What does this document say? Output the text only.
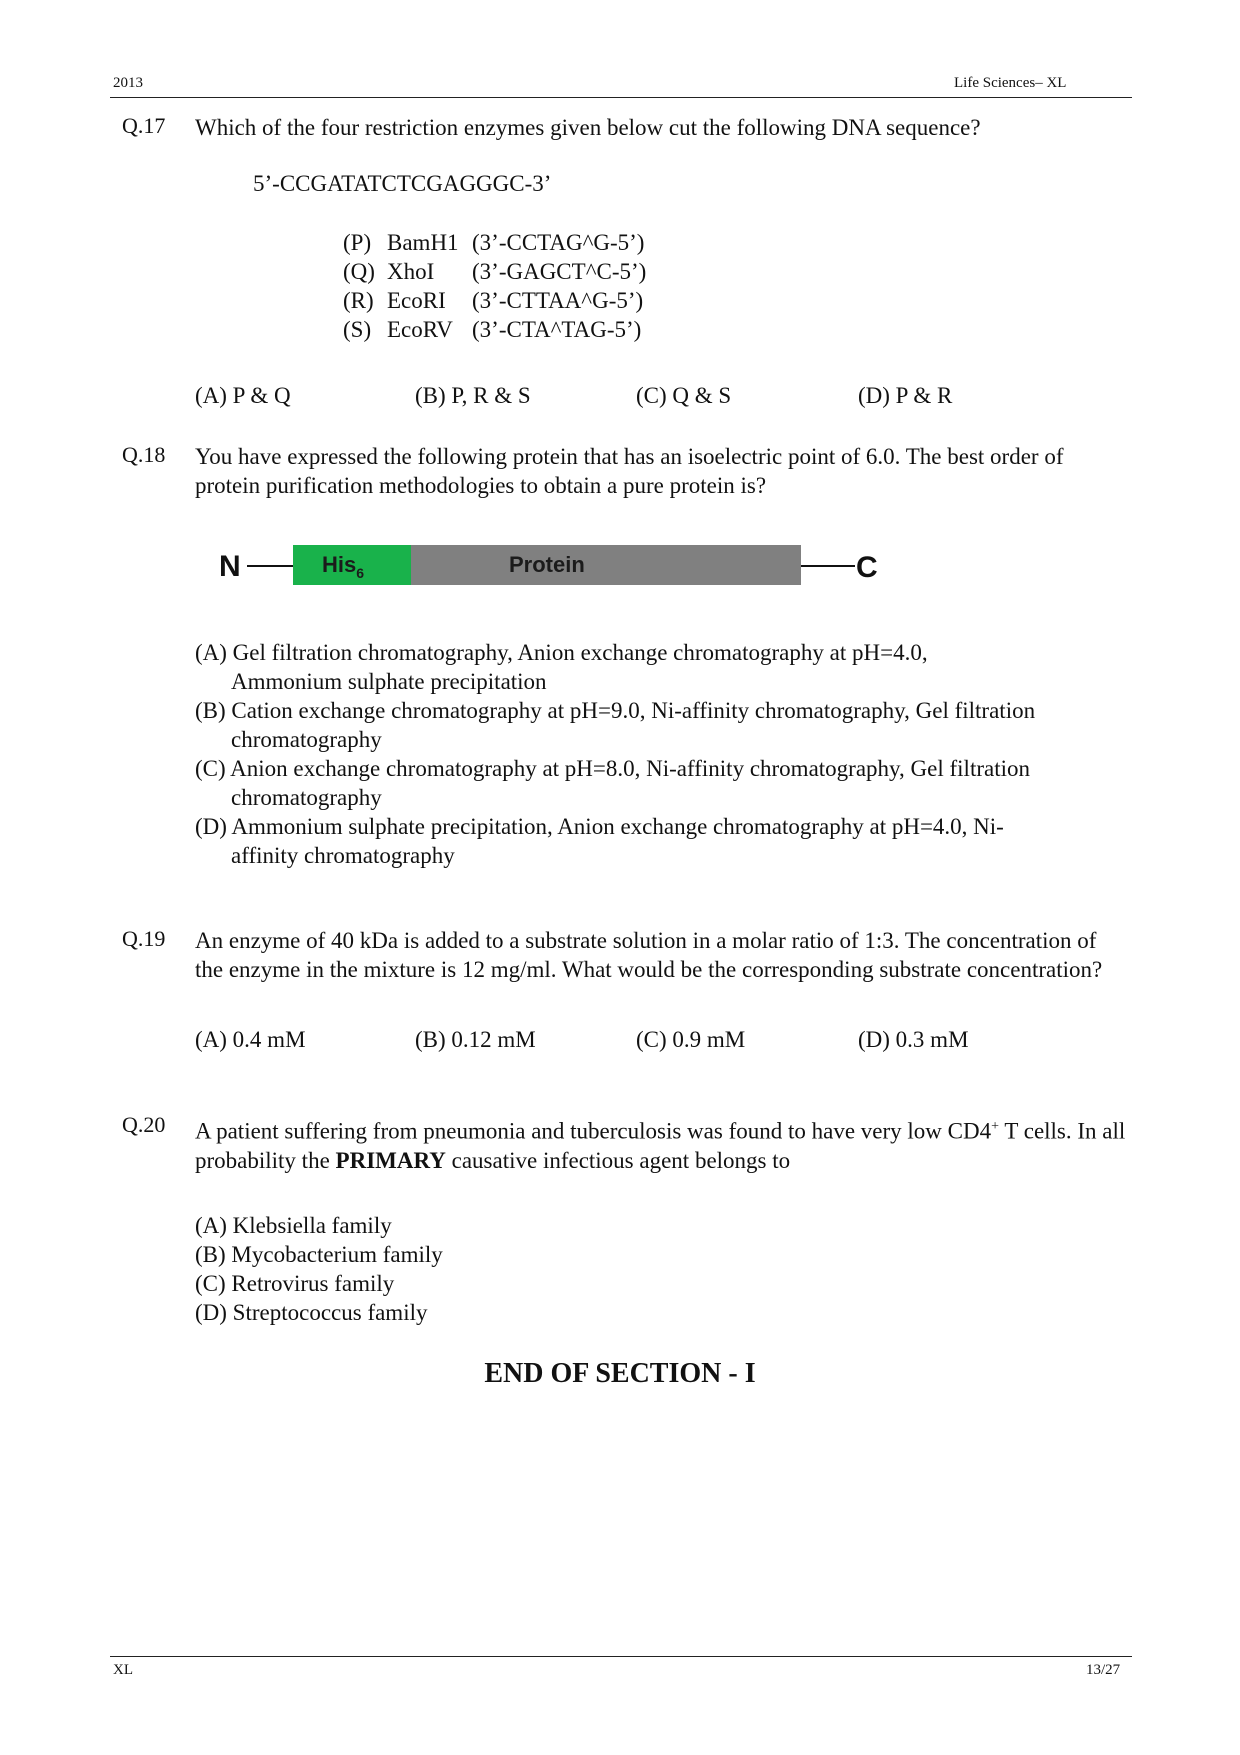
2013	Life Sciences– XL
Q.17 Which of the four restriction enzymes given below cut the following DNA sequence?
5’-CCGATATCTCGAGGGC-3’
(P) BamH1 (3’-CCTAG^G-5’)
(Q) XhoI (3’-GAGCT^C-5’)
(R) EcoRI (3’-CTTAA^G-5’)
(S) EcoRV (3’-CTA^TAG-5’)
(A) P & Q	(B) P, R & S	(C) Q & S	(D) P & R
Q.18 You have expressed the following protein that has an isoelectric point of 6.0. The best order of protein purification methodologies to obtain a pure protein is?
N	His$_6$	Protein	C
(A) Gel filtration chromatography, Anion exchange chromatography at pH=4.0,
Ammonium sulphate precipitation
(B) Cation exchange chromatography at pH=9.0, Ni-affinity chromatography, Gel filtration
chromatography
(C) Anion exchange chromatography at pH=8.0, Ni-affinity chromatography, Gel filtration
chromatography
(D) Ammonium sulphate precipitation, Anion exchange chromatography at pH=4.0, Ni-
affinity chromatography
Q.19 An enzyme of 40 kDa is added to a substrate solution in a molar ratio of 1:3. The concentration of the enzyme in the mixture is 12 mg/ml. What would be the corresponding substrate concentration?
(A) 0.4 mM	(B) 0.12 mM	(C) 0.9 mM	(D) 0.3 mM
Q.20 A patient suffering from pneumonia and tuberculosis was found to have very low CD4+ T cells. In all probability the PRIMARY causative infectious agent belongs to
(A) Klebsiella family
(B) Mycobacterium family
(C) Retrovirus family
(D) Streptococcus family
END OF SECTION - I
XL	13/27
